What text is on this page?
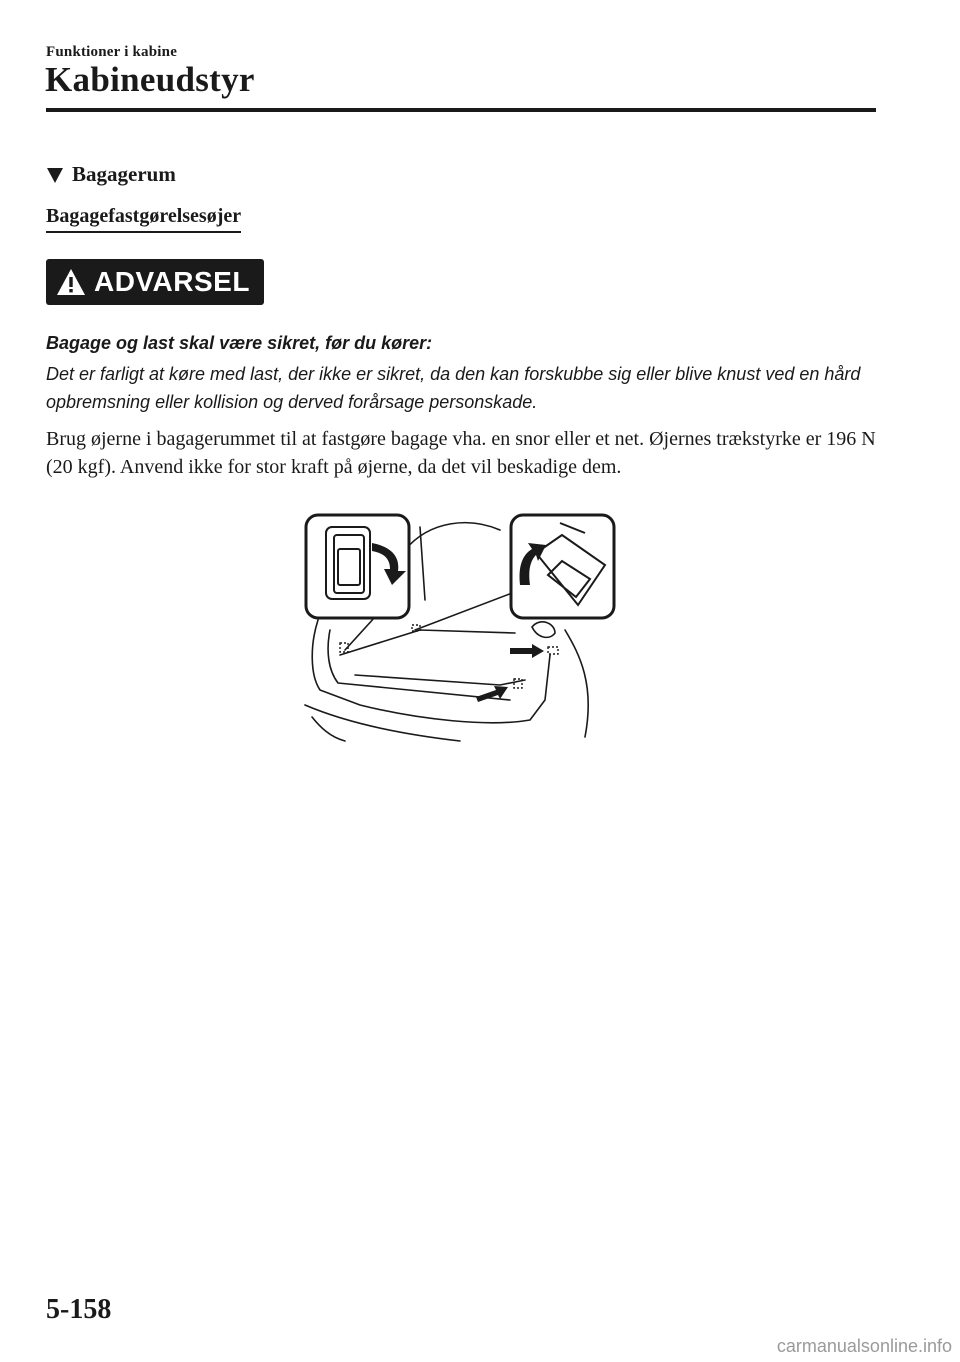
Funktioner i kabine
Kabineudstyr
Bagagerum
Bagagefastgørelsesøjer
ADVARSEL
Bagage og last skal være sikret, før du kører:
Det er farligt at køre med last, der ikke er sikret, da den kan forskubbe sig eller blive knust ved en hård opbremsning eller kollision og derved forårsage personskade.
Brug øjerne i bagagerummet til at fastgøre bagage vha. en snor eller et net. Øjernes trækstyrke er 196 N (20 kgf). Anvend ikke for stor kraft på øjerne, da det vil beskadige dem.
5-158
carmanualsonline.info
